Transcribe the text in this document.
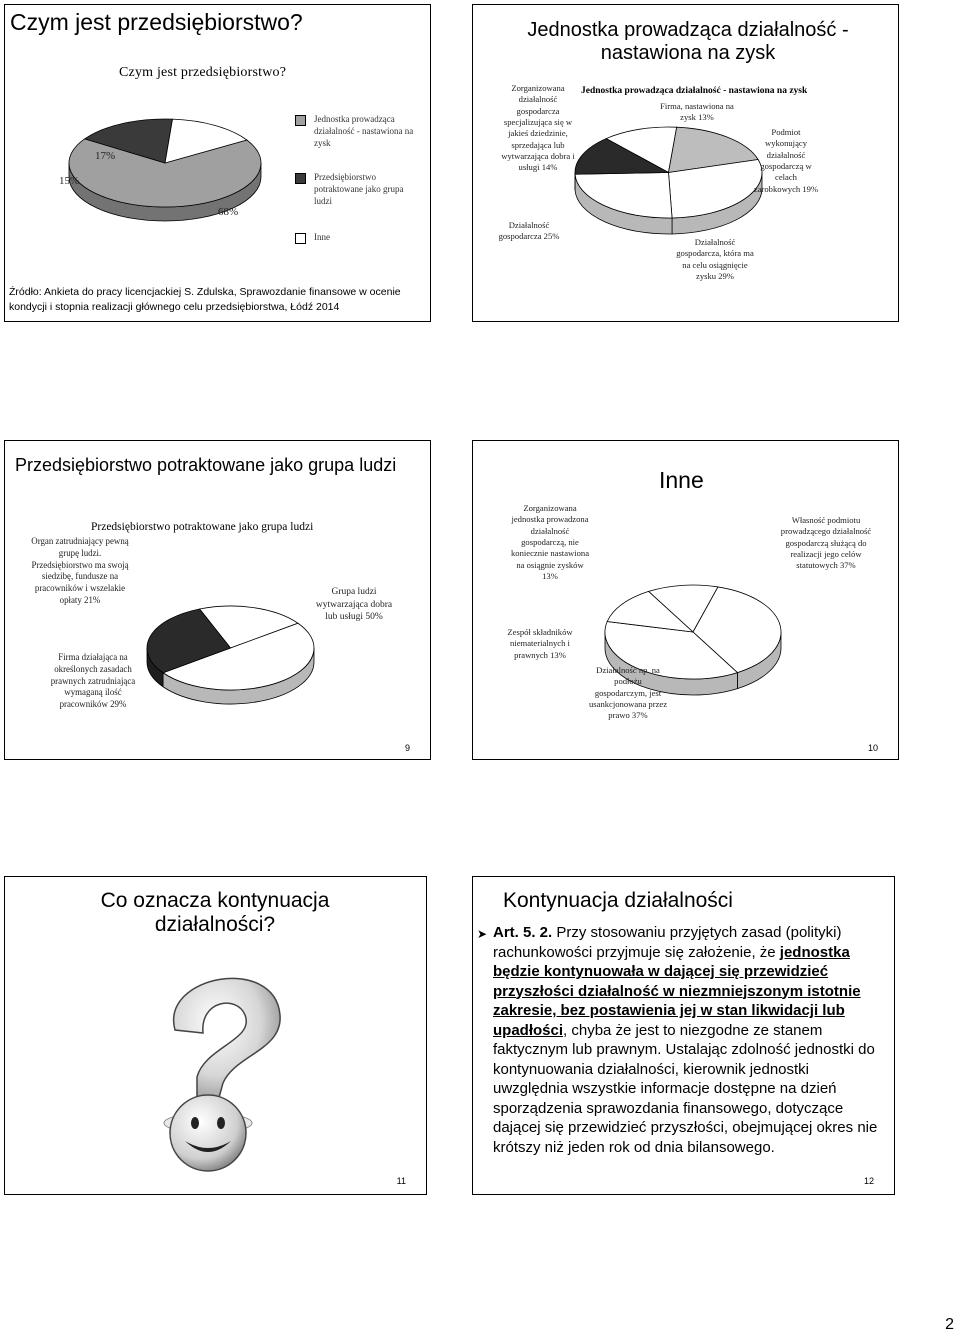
Czym jest przedsiębiorstwo?
Czym jest przedsiębiorstwo?
68%
17%
15%
Jednostka prowadząca działalność - nastawiona na zysk
Przedsiębiorstwo potraktowane jako grupa ludzi
Inne
Źródło: Ankieta do pracy licencjackiej S. Zdulska, Sprawozdanie finansowe w ocenie kondycji i stopnia realizacji głównego celu przedsiębiorstwa, Łódź 2014
Jednostka prowadząca działalność - nastawiona na zysk
Jednostka prowadząca działalność - nastawiona na zysk
Zorganizowana działalność gospodarcza specjalizująca się w jakieś dziedzinie, sprzedająca lub wytwarzająca dobra i usługi 14%
Firma, nastawiona na zysk 13%
Podmiot wykonujący działalność gospodarczą w celach zarobkowych 19%
Działalność gospodarcza, która ma na celu osiągnięcie zysku 29%
Działalność gospodarcza 25%
Przedsiębiorstwo potraktowane jako grupa ludzi
Przedsiębiorstwo potraktowane jako grupa ludzi
Organ zatrudniający pewną grupę ludzi. Przedsiębiorstwo ma swoją siedzibę, fundusze na pracowników i wszelakie opłaty 21%
Grupa ludzi wytwarzająca dobra lub usługi 50%
Firma działająca na określonych zasadach prawnych zatrudniająca wymaganą ilość pracowników 29%
9
Inne
Zorganizowana jednostka prowadzona działalność gospodarczą, nie koniecznie nastawiona na osiągnie zysków 13%
Własność podmiotu prowadzącego działalność gospodarczą służącą do realizacji jego celów statutowych 37%
Działalność np. na podłożu gospodarczym, jest usankcjonowana przez prawo 37%
Zespół składników niematerialnych i prawnych 13%
10
Co oznacza kontynuacja działalności?
11
Kontynuacja działalności
➤ Art. 5. 2. Przy stosowaniu przyjętych zasad (polityki) rachunkowości przyjmuje się założenie, że jednostka będzie kontynuowała w dającej się przewidzieć przyszłości działalność w niezmniejszonym istotnie zakresie, bez postawienia jej w stan likwidacji lub upadłości, chyba że jest to niezgodne ze stanem faktycznym lub prawnym. Ustalając zdolność jednostki do kontynuowania działalności, kierownik jednostki uwzględnia wszystkie informacje dostępne na dzień sporządzenia sprawozdania finansowego, dotyczące dającej się przewidzieć przyszłości, obejmującej okres nie krótszy niż jeden rok od dnia bilansowego.
12
2
